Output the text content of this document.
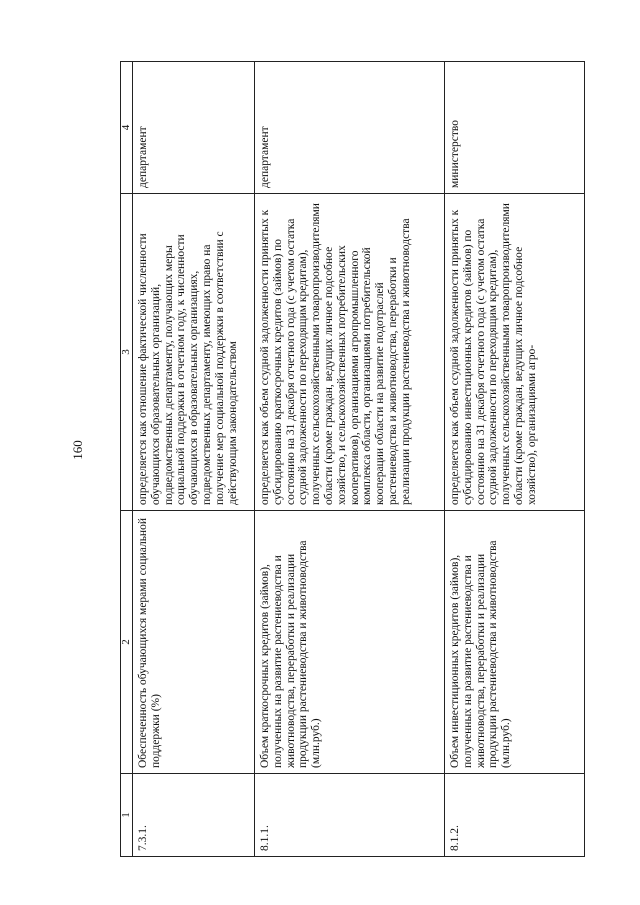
160
1	2	3	4
7.3.1.	Обеспеченность обучающихся мерами социальной поддержки (%)	определяется как отношение фактической численности обучающихся образовательных организаций, подведомственных департаменту, получающих меры социальной поддержки в отчетном году, к численности обучающихся в образовательных организациях, подведомственных департаменту, имеющих право на получение мер социальной поддержки в соответствии с действующим законодательством	департамент
8.1.1.	Объем краткосрочных кредитов (займов), полученных на развитие растениеводства и животноводства, переработки и реализации продукции растениеводства и животноводства (млн.руб.)	определяется как объем ссудной задолженности принятых к субсидированию краткосрочных кредитов (займов) по состоянию на 31 декабря отчетного года (с учетом остатка ссудной задолженности по переходящим кредитам), полученных сельскохозяйственными товаропроизводителями области (кроме граждан, ведущих личное подсобное хозяйство, и сельскохозяйственных потребительских кооперативов), организациями агропромышленного комплекса области, организациями потребительской кооперации области на развитие подотраслей растениеводства и животноводства, переработки и реализации продукции растениеводства и животноводства	департамент
8.1.2.	Объем инвестиционных кредитов (займов), полученных на развитие растениеводства и животноводства, переработки и реализации продукции растениеводства и животноводства (млн.руб.)	определяется как объем ссудной задолженности принятых к субсидированию инвестиционных кредитов (займов) по состоянию на 31 декабря отчетного года (с учетом остатка ссудной задолженности по переходящим кредитам), полученных сельскохозяйственными товаропроизводителями области (кроме граждан, ведущих личное подсобное хозяйство), организациями агро-	министерство
